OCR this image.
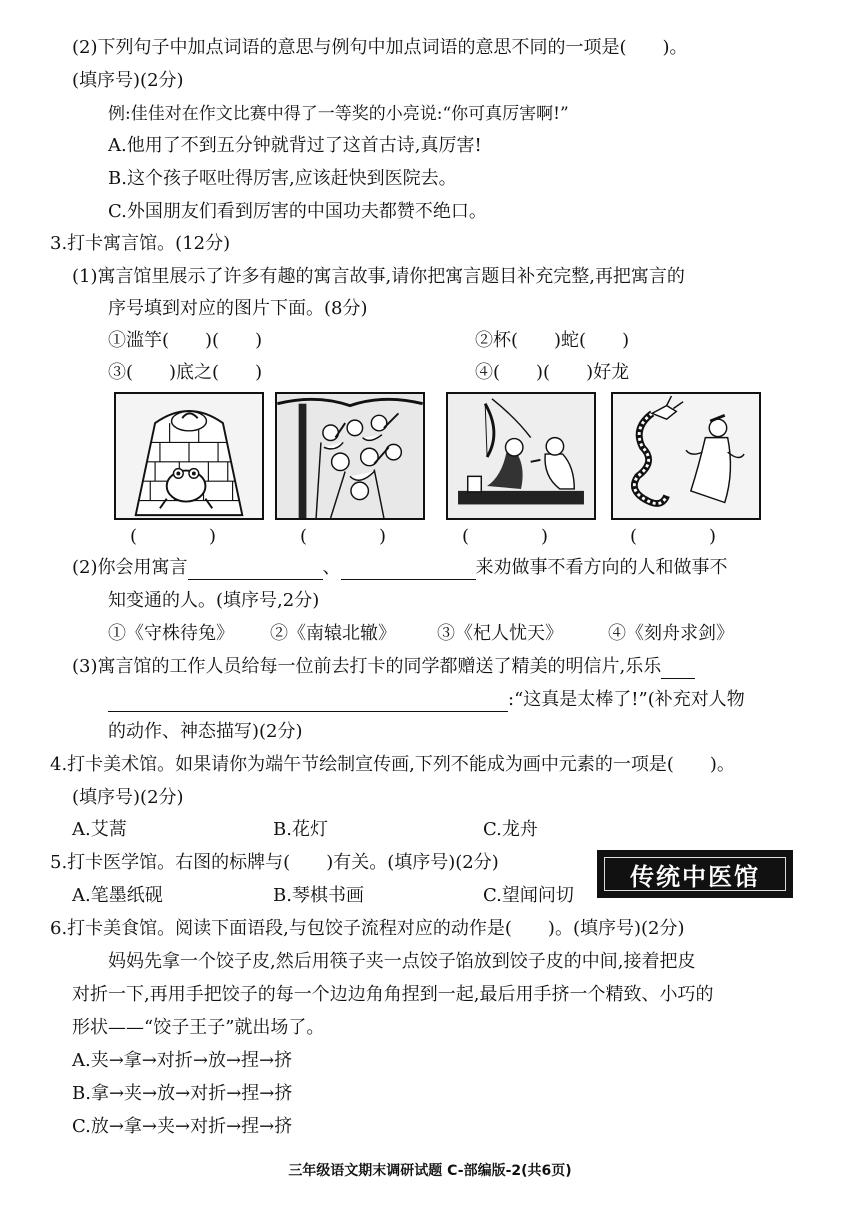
(2)下列句子中加点词语的意思与例句中加点词语的意思不同的一项是(　　)。
(填序号)(2分)
例:佳佳对在作文比赛中得了一等奖的小亮说:“你可真厉害啊!”
A.他用了不到五分钟就背过了这首古诗,真厉害!
B.这个孩子呕吐得厉害,应该赶快到医院去。
C.外国朋友们看到厉害的中国功夫都赞不绝口。
3.打卡寓言馆。(12分)
(1)寓言馆里展示了许多有趣的寓言故事,请你把寓言题目补充完整,再把寓言的
序号填到对应的图片下面。(8分)
①滥竽(　　)(　　)	②杯(　　)蛇(　　)
③(　　)底之(　　)	④(　　)(　　)好龙
(　　　　)	(　　　　)	(　　　　)	(　　　　)
(2)你会用寓言	、	来劝做事不看方向的人和做事不
知变通的人。(填序号,2分)
①《守株待兔》 ②《南辕北辙》 ③《杞人忧天》	④《刻舟求剑》
(3)寓言馆的工作人员给每一位前去打卡的同学都赠送了精美的明信片,乐乐
:“这真是太棒了!”(补充对人物
的动作、神态描写)(2分)
4.打卡美术馆。如果请你为端午节绘制宣传画,下列不能成为画中元素的一项是(　　)。
(填序号)(2分)
A.艾蒿	B.花灯	C.龙舟
5.打卡医学馆。右图的标牌与(　　)有关。(填序号)(2分)
A.笔墨纸砚	B.琴棋书画	C.望闻问切
传统中医馆
6.打卡美食馆。阅读下面语段,与包饺子流程对应的动作是(　　)。(填序号)(2分)
妈妈先拿一个饺子皮,然后用筷子夹一点饺子馅放到饺子皮的中间,接着把皮
对折一下,再用手把饺子的每一个边边角角捏到一起,最后用手挤一个精致、小巧的
形状——“饺子王子”就出场了。
A.夹→拿→对折→放→捏→挤
B.拿→夹→放→对折→捏→挤
C.放→拿→夹→对折→捏→挤
三年级语文期末调研试题 C-部编版-2(共6页)
